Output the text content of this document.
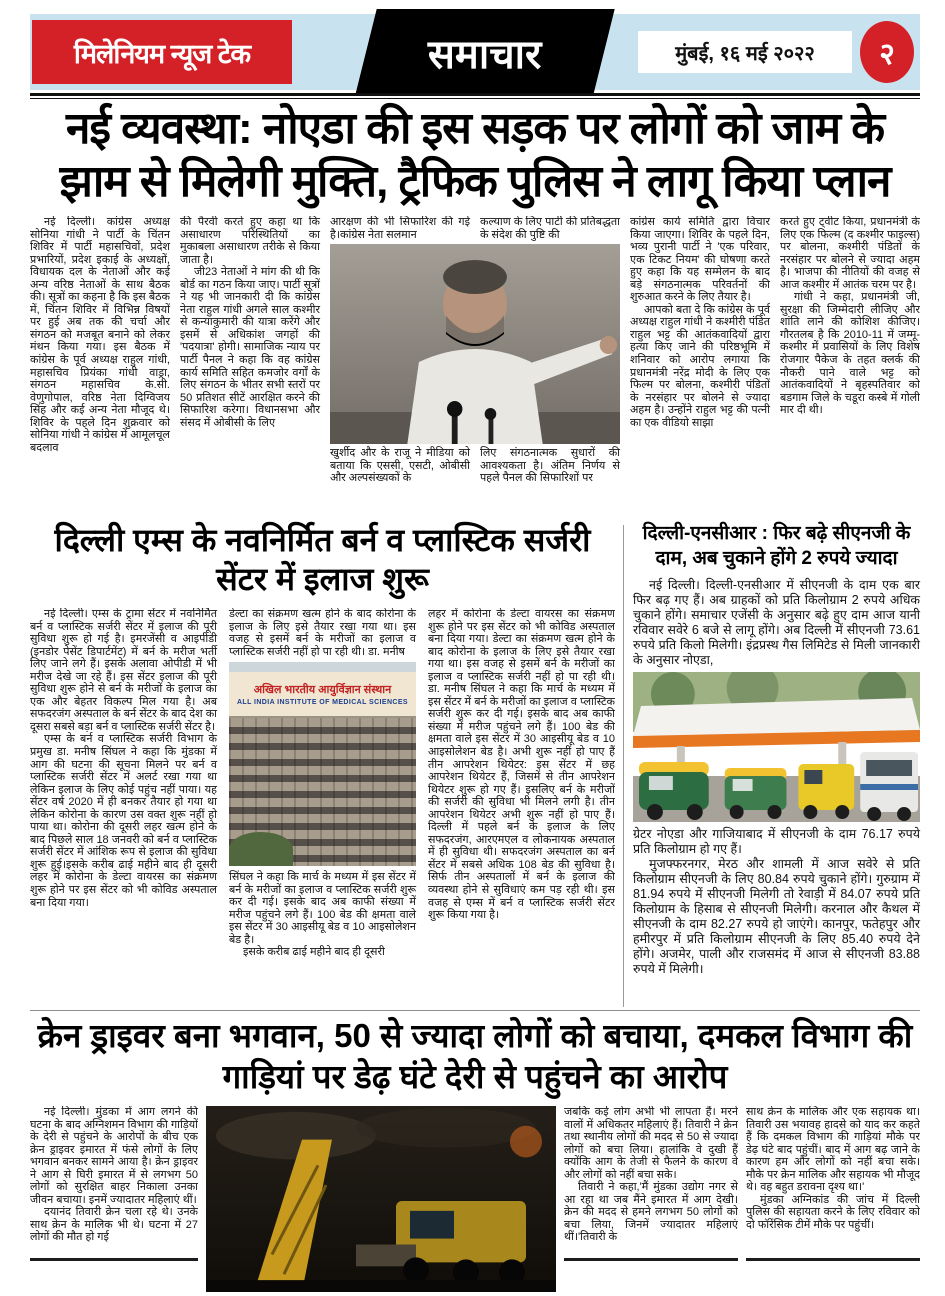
मिलेनियम न्यूज टेक	समाचार	मुंबई, १६ मई २०२२ २
नई व्यवस्था: नोएडा की इस सड़क पर लोगों को जाम के झाम से मिलेगी मुक्ति, ट्रैफिक पुलिस ने लागू किया प्लान

नई दिल्ली। कांग्रेस अध्यक्ष सोनिया गांधी ने पार्टी के चिंतन शिविर में पार्टी महासचिवों, प्रदेश प्रभारियों, प्रदेश इकाई के अध्यक्षों, विधायक दल के नेताओं और कई अन्य वरिष्ठ नेताओं के साथ बैठक की। सूत्रों का कहना है कि इस बैठक में, चिंतन शिविर में विभिन्न विषयों पर हुई अब तक की चर्चा और संगठन को मजबूत बनाने को लेकर मंथन किया गया। इस बैठक में कांग्रेस के पूर्व अध्यक्ष राहुल गांधी, महासचिव प्रियंका गांधी वाड्रा, संगठन महासचिव के.सी. वेणुगोपाल, वरिष्ठ नेता दिग्विजय सिंह और कई अन्य नेता मौजूद थे। शिविर के पहले दिन शुक्रवार को सोनिया गांधी ने कांग्रेस में आमूलचूल बदलाव

की पैरवी करते हुए कहा था कि असाधारण परिस्थितियों का मुकाबला असाधारण तरीके से किया जाता है।

जी23 नेताओं ने मांग की थी कि बोर्ड का गठन किया जाए। पार्टी सूत्रों ने यह भी जानकारी दी कि कांग्रेस नेता राहुल गांधी अगले साल कश्मीर से कन्याकुमारी की यात्रा करेंगे और इसमें से अधिकांश जगहों की 'पदयात्रा' होगी। सामाजिक न्याय पर पार्टी पैनल ने कहा कि वह कांग्रेस कार्य समिति सहित कमजोर वर्गों के लिए संगठन के भीतर सभी स्तरों पर 50 प्रतिशत सीटें आरक्षित करने की सिफारिश करेगा। विधानसभा और संसद में ओबीसी के लिए

आरक्षण की भी सिफारिश की गई है।कांग्रेस नेता सलमान

कल्याण के लिए पार्टी की प्रतिबद्धता के संदेश की पुष्टि की

खुर्शीद और के राजू ने मीडिया को बताया कि एससी, एसटी, ओबीसी और अल्पसंख्यकों के

लिए संगठनात्मक सुधारों की आवश्यकता है। अंतिम निर्णय से पहले पैनल की सिफारिशों पर

कांग्रेस कार्य समिति द्वारा विचार किया जाएगा। शिविर के पहले दिन, भव्य पुरानी पार्टी ने 'एक परिवार, एक टिकट नियम' की घोषणा करते हुए कहा कि यह सम्मेलन के बाद बड़े संगठनात्मक परिवर्तनों की शुरुआत करने के लिए तैयार है।

आपको बता दे कि कांग्रेस के पूर्व अध्यक्ष राहुल गांधी ने कश्मीरी पंडित राहुल भट्ट की आतंकवादियों द्वारा हत्या किए जाने की परिष्ठभूमि में शनिवार को आरोप लगाया कि प्रधानमंत्री नरेंद्र मोदी के लिए एक फिल्म पर बोलना, कश्मीरी पंडितों के नरसंहार पर बोलने से ज्यादा अहम है। उन्होंने राहुल भट्ट की पत्नी का एक वीडियो साझा

करते हुए ट्वीट किया, प्रधानमंत्री के लिए एक फिल्म (द कश्मीर फाइल्स) पर बोलना, कश्मीरी पंडितों के नरसंहार पर बोलने से ज्यादा अहम है। भाजपा की नीतियों की वजह से आज कश्मीर में आतंक चरम पर है।

गांधी ने कहा, प्रधानमंत्री जी, सुरक्षा की जिम्मेदारी लीजिए और शांति लाने की कोशिश कीजिए। गौरतलब है कि 2010-11 में जम्मू-कश्मीर में प्रवासियों के लिए विशेष रोजगार पैकेज के तहत क्लर्क की नौकरी पाने वाले भट्ट को आतंकवादियों ने बृहस्पतिवार को बडगाम जिले के चडूरा कस्बे में गोली मार दी थी।

दिल्ली एम्स के नवनिर्मित बर्न व प्लास्टिक सर्जरी सेंटर में इलाज शुरू

नई दिल्ली। एम्स के ट्रामा सेंटर में नवनिर्मित बर्न व प्लास्टिक सर्जरी सेंटर में इलाज की पूरी सुविधा शुरू हो गई है। इमरजेंसी व आइपीडी (इनडोर पेसेंट डिपार्टमेंट) में बर्न के मरीज भर्ती लिए जाने लगे हैं। इसके अलावा ओपीडी में भी मरीज देखे जा रहे हैं। इस सेंटर इलाज की पूरी सुविधा शुरू होने से बर्न के मरीजों के इलाज का एक और बेहतर विकल्प मिल गया है। अब सफदरजंग अस्पताल के बर्न सेंटर के बाद देश का दूसरा सबसे बड़ा बर्न व प्लास्टिक सर्जरी सेंटर है।

एम्स के बर्न व प्लास्टिक सर्जरी विभाग के प्रमुख डा. मनीष सिंघल ने कहा कि मुंडका में आग की घटना की सूचना मिलने पर बर्न व प्लास्टिक सर्जरी सेंटर में अलर्ट रखा गया था लेकिन इलाज के लिए कोई पहुंच नहीं पाया। यह सेंटर वर्ष 2020 में ही बनकर तैयार हो गया था लेकिन कोरोना के कारण उस वक्त शुरू नहीं हो पाया था। कोरोना की दूसरी लहर खत्म होने के बाद पिछले साल 18 जनवरी को बर्न व प्लास्टिक सर्जरी सेंटर में आंशिक रूप से इलाज की सुविधा शुरू हुई।इसके करीब ढाई महीने बाद ही दूसरी लहर में कोरोना के डेल्टा वायरस का संक्रमण शुरू होने पर इस सेंटर को भी कोविड अस्पताल बना दिया गया।

डेल्टा का संक्रमण खत्म होने के बाद कोरोना के इलाज के लिए इसे तैयार रखा गया था। इस वजह से इसमें बर्न के मरीजों का इलाज व प्लास्टिक सर्जरी नहीं हो पा रही थी। डा. मनीष

अखिल भारतीय आयुर्विज्ञान संस्थान
ALL INDIA INSTITUTE OF MEDICAL SCIENCES

सिंघल ने कहा कि मार्च के मध्यम में इस सेंटर में बर्न के मरीजों का इलाज व प्लास्टिक सर्जरी शुरू कर दी गई। इसके बाद अब काफी संख्या में मरीज पहुंचने लगे हैं। 100 बेड की क्षमता वाले इस सेंटर में 30 आइसीयू बेड व 10 आइसोलेशन बेड है।

इसके करीब ढाई महीने बाद ही दूसरी

लहर में कोरोना के डेल्टा वायरस का संक्रमण शुरू होने पर इस सेंटर को भी कोविड अस्पताल बना दिया गया। डेल्टा का संक्रमण खत्म होने के बाद कोरोना के इलाज के लिए इसे तैयार रखा गया था। इस वजह से इसमें बर्न के मरीजों का इलाज व प्लास्टिक सर्जरी नहीं हो पा रही थी। डा. मनीष सिंघल ने कहा कि मार्च के मध्यम में इस सेंटर में बर्न के मरीजों का इलाज व प्लास्टिक सर्जरी शुरू कर दी गई। इसके बाद अब काफी संख्या में मरीज पहुंचने लगे हैं। 100 बेड की क्षमता वाले इस सेंटर में 30 आइसीयू बेड व 10 आइसोलेशन बेड है। अभी शुरू नहीं हो पाए हैं तीन आपरेशन थियेटर: इस सेंटर में छह आपरेशन थियेटर हैं, जिसमें से तीन आपरेशन थियेटर शुरू हो गए हैं। इसलिए बर्न के मरीजों की सर्जरी की सुविधा भी मिलने लगी है। तीन आपरेशन थियेटर अभी शुरू नहीं हो पाए हैं। दिल्ली में पहले बर्न के इलाज के लिए सफदरजंग, आरएमएल व लोकनायक अस्पताल में ही सुविधा थी। सफदरजंग अस्पताल का बर्न सेंटर में सबसे अधिक 108 बेड की सुविधा है। सिर्फ तीन अस्पतालों में बर्न के इलाज की व्यवस्था होने से सुविधाएं कम पड़ रही थी। इस वजह से एम्स में बर्न व प्लास्टिक सर्जरी सेंटर शुरू किया गया है।

दिल्ली-एनसीआर : फिर बढ़े सीएनजी के दाम, अब चुकाने होंगे 2 रुपये ज्यादा

नई दिल्ली। दिल्ली-एनसीआर में सीएनजी के दाम एक बार फिर बढ़ गए हैं। अब ग्राहकों को प्रति किलोग्राम 2 रुपये अधिक चुकाने होंगे। समाचार एजेंसी के अनुसार बढ़े हुए दाम आज यानी रविवार सवेरे 6 बजे से लागू होंगे। अब दिल्ली में सीएनजी 73.61 रुपये प्रति किलो मिलेगी। इंद्रप्रस्थ गैस लिमिटेड से मिली जानकारी के अनुसार नोएडा,

ग्रेटर नोएडा और गाजियाबाद में सीएनजी के दाम 76.17 रुपये प्रति किलोग्राम हो गए हैं।

मुजफ्फरनगर, मेरठ और शामली में आज सवेरे से प्रति किलोग्राम सीएनजी के लिए 80.84 रुपये चुकाने होंगे। गुरुग्राम में 81.94 रुपये में सीएनजी मिलेगी तो रेवाड़ी में 84.07 रुपये प्रति किलोग्राम के हिसाब से सीएनजी मिलेगी। करनाल और कैथल में सीएनजी के दाम 82.27 रुपये हो जाएंगे। कानपुर, फतेहपुर और हमीरपुर में प्रति किलोग्राम सीएनजी के लिए 85.40 रुपये देने होंगे। अजमेर, पाली और राजसमंद में आज से सीएनजी 83.88 रुपये में मिलेगी।

क्रेन ड्राइवर बना भगवान, 50 से ज्यादा लोगों को बचाया, दमकल विभाग की गाड़ियां पर डेढ़ घंटे देरी से पहुंचने का आरोप

नई दिल्ली। मुंडका में आग लगने की घटना के बाद अग्निशमन विभाग की गाड़ियों के देरी से पहुंचने के आरोपों के बीच एक क्रेन ड्राइवर इमारत में फंसे लोगों के लिए भगवान बनकर सामने आया है। क्रेन ड्राइवर ने आग से घिरी इमारत में से लगभग 50 लोगों को सुरक्षित बाहर निकाला उनका जीवन बचाया। इनमें ज्यादातर महिलाएं थीं।

दयानंद तिवारी क्रेन चला रहे थे। उनके साथ क्रेन के मालिक भी थे। घटना में 27 लोगों की मौत हो गई

जबकि कई लोग अभी भी लापता हैं। मरने वालों में अधिकतर महिलाएं हैं। तिवारी ने क्रेन तथा स्थानीय लोगों की मदद से 50 से ज्यादा लोगों को बचा लिया। हालांकि वे दुखी हैं क्योंकि आग के तेजी से फैलने के कारण वे और लोगों को नहीं बचा सके।

तिवारी ने कहा,'मैं मुंडका उद्योग नगर से आ रहा था जब मैंने इमारत में आग देखी। क्रेन की मदद से हमने लगभग 50 लोगों को बचा लिया, जिनमें ज्यादातर महिलाएं थीं।'तिवारी के

साथ क्रेन के मालिक और एक सहायक था। तिवारी उस भयावह हादसे को याद कर कहते हैं कि दमकल विभाग की गाड़ियां मौके पर डेढ़ घंटे बाद पहुंचीं। बाद में आग बढ़ जाने के कारण हम और लोगों को नहीं बचा सके। मौके पर क्रेन मालिक और सहायक भी मौजूद थे। वह बहुत डरावना दृश्य था।'

मुंडका अग्निकांड की जांच में दिल्ली पुलिस की सहायता करने के लिए रविवार को दो फॉरेंसिक टीमें मौके पर पहुंचीं।
